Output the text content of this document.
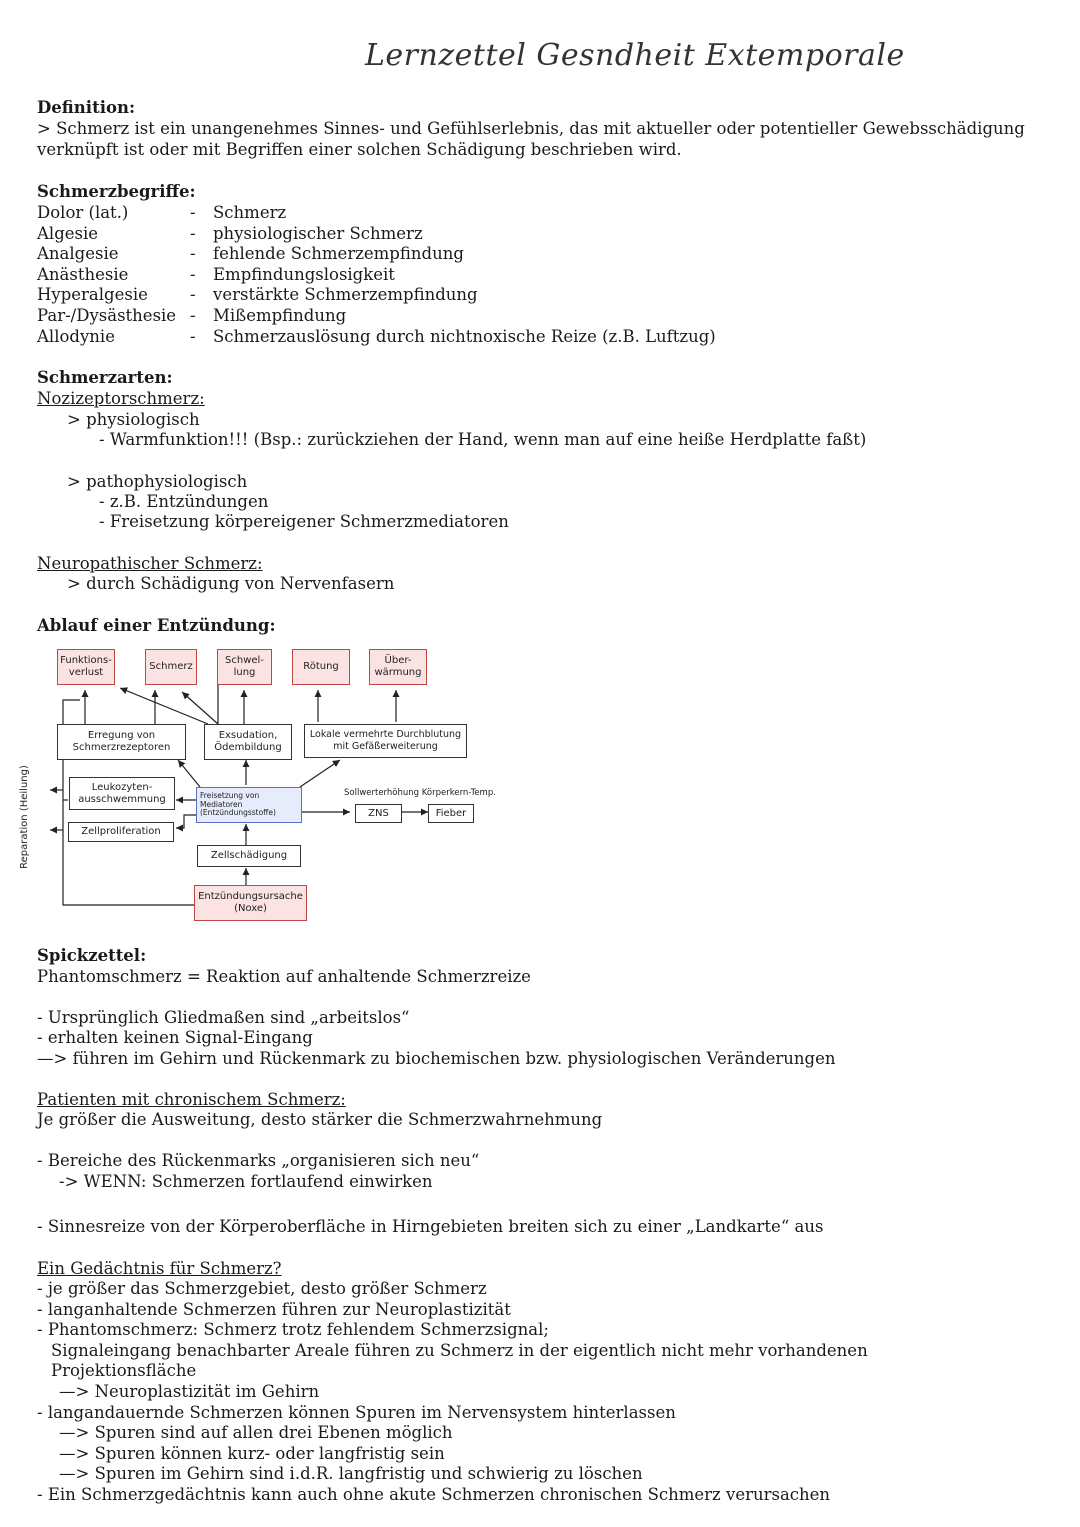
Lernzettel Gesndheit Extemporale
Definition:
> Schmerz ist ein unangenehmes Sinnes- und Gefühlserlebnis, das mit aktueller oder potentieller Gewebsschädigung
verknüpft ist oder mit Begriffen einer solchen Schädigung beschrieben wird.
Schmerzbegriffe:
Dolor (lat.)	- Schmerz
Algesie	- physiologischer Schmerz
Analgesie	- fehlende Schmerzempfindung
Anästhesie	- Empfindungslosigkeit
Hyperalgesie	- verstärkte Schmerzempfindung
Par-/Dysästhesie - Mißempfindung
Allodynie	- Schmerzauslösung durch nichtnoxische Reize (z.B. Luftzug)
Schmerzarten:
Nozizeptorschmerz:
> physiologisch
- Warmfunktion!!! (Bsp.: zurückziehen der Hand, wenn man auf eine heiße Herdplatte faßt)
> pathophysiologisch
- z.B. Entzündungen
- Freisetzung körpereigener Schmerzmediatoren
Neuropathischer Schmerz:
> durch Schädigung von Nervenfasern
Ablauf einer Entzündung:
Funktions-
verlust
Schmerz
Schwel-
lung
Rötung
Über-
wärmung
Erregung von
Schmerzrezeptoren
Exsudation,
Ödembildung
Lokale vermehrte Durchblutung
mit Gefäßerweiterung
Leukozyten-
ausschwemmung	Freisetzung von
Mediatoren
(Entzündungsstoffe)
Sollwerterhöhung Körperkern-Temp.
ZNS	Fieber
Zellproliferation
Zellschädigung
Entzündungsursache
(Noxe)
Reparation (Heilung)
Spickzettel:
Phantomschmerz = Reaktion auf anhaltende Schmerzreize
- Ursprünglich Gliedmaßen sind „arbeitslos“
- erhalten keinen Signal-Eingang
—> führen im Gehirn und Rückenmark zu biochemischen bzw. physiologischen Veränderungen
Patienten mit chronischem Schmerz:
Je größer die Ausweitung, desto stärker die Schmerzwahrnehmung
- Bereiche des Rückenmarks „organisieren sich neu“
-> WENN: Schmerzen fortlaufend einwirken
- Sinnesreize von der Körperoberfläche in Hirngebieten breiten sich zu einer „Landkarte“ aus
Ein Gedächtnis für Schmerz?
- je größer das Schmerzgebiet, desto größer Schmerz
- langanhaltende Schmerzen führen zur Neuroplastizität
- Phantomschmerz: Schmerz trotz fehlendem Schmerzsignal;
Signaleingang benachbarter Areale führen zu Schmerz in der eigentlich nicht mehr vorhandenen
Projektionsfläche
—> Neuroplastizität im Gehirn
- langandauernde Schmerzen können Spuren im Nervensystem hinterlassen
—> Spuren sind auf allen drei Ebenen möglich
—> Spuren können kurz- oder langfristig sein
—> Spuren im Gehirn sind i.d.R. langfristig und schwierig zu löschen
- Ein Schmerzgedächtnis kann auch ohne akute Schmerzen chronischen Schmerz verursachen
